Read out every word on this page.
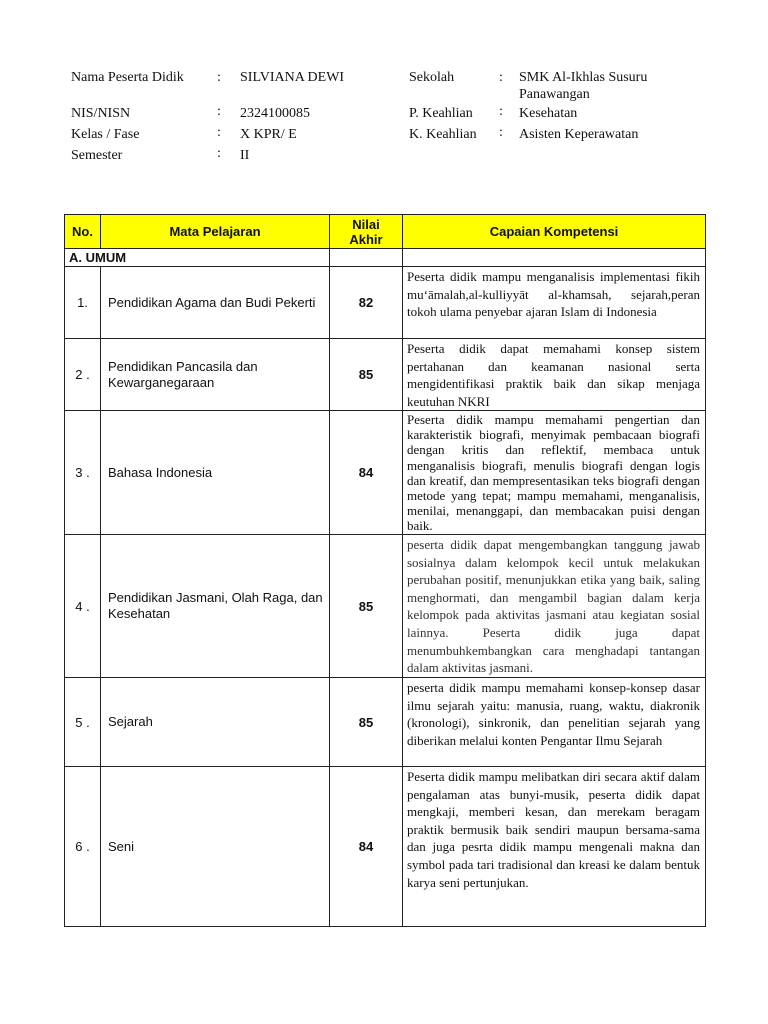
Nama Peserta Didik : SILVIANA DEWI
NIS/NISN	: 2324100085
Kelas / Fase	: X KPR/ E
Semester	: II
Sekolah	: SMK Al-Ikhlas Susuru Panawangan
P. Keahlian : Kesehatan
K. Keahlian : Asisten Keperawatan
No.	Mata Pelajaran	Nilai Akhir	Capaian Kompetensi
A. UMUM			
1.	Pendidikan Agama dan Budi Pekerti	82	Peserta didik mampu menganalisis implementasi fikih mu‘āmalah,al-kulliyyāt al-khamsah, sejarah,peran tokoh ulama penyebar ajaran Islam di Indonesia
2 .	Pendidikan Pancasila dan Kewarganegaraan	85	Peserta didik dapat memahami konsep sistem pertahanan dan keamanan nasional serta mengidentifikasi praktik baik dan sikap menjaga keutuhan NKRI
3 .	Bahasa Indonesia	84	Peserta didik mampu memahami pengertian dan karakteristik biografi, menyimak pembacaan biografi dengan kritis dan reflektif, membaca untuk menganalisis biografi, menulis biografi dengan logis dan kreatif, dan mempresentasikan teks biografi dengan metode yang tepat; mampu memahami, menganalisis, menilai, menanggapi, dan membacakan puisi dengan baik.
4 .	Pendidikan Jasmani, Olah Raga, dan Kesehatan	85	peserta didik dapat mengembangkan tanggung jawab sosialnya dalam kelompok kecil untuk melakukan perubahan positif, menunjukkan etika yang baik, saling menghormati, dan mengambil bagian dalam kerja kelompok pada aktivitas jasmani atau kegiatan sosial lainnya. Peserta didik juga dapat menumbuhkembangkan cara menghadapi tantangan dalam aktivitas jasmani.
5 .	Sejarah	85	peserta didik mampu memahami konsep-konsep dasar ilmu sejarah yaitu: manusia, ruang, waktu, diakronik (kronologi), sinkronik, dan penelitian sejarah yang diberikan melalui konten Pengantar Ilmu Sejarah
6 .	Seni	84	Peserta didik mampu melibatkan diri secara aktif dalam pengalaman atas bunyi-musik, peserta didik dapat mengkaji, memberi kesan, dan merekam beragam praktik bermusik baik sendiri maupun bersama-sama dan juga pesrta didik mampu mengenali makna dan symbol pada tari tradisional dan kreasi ke dalam bentuk karya seni pertunjukan.
